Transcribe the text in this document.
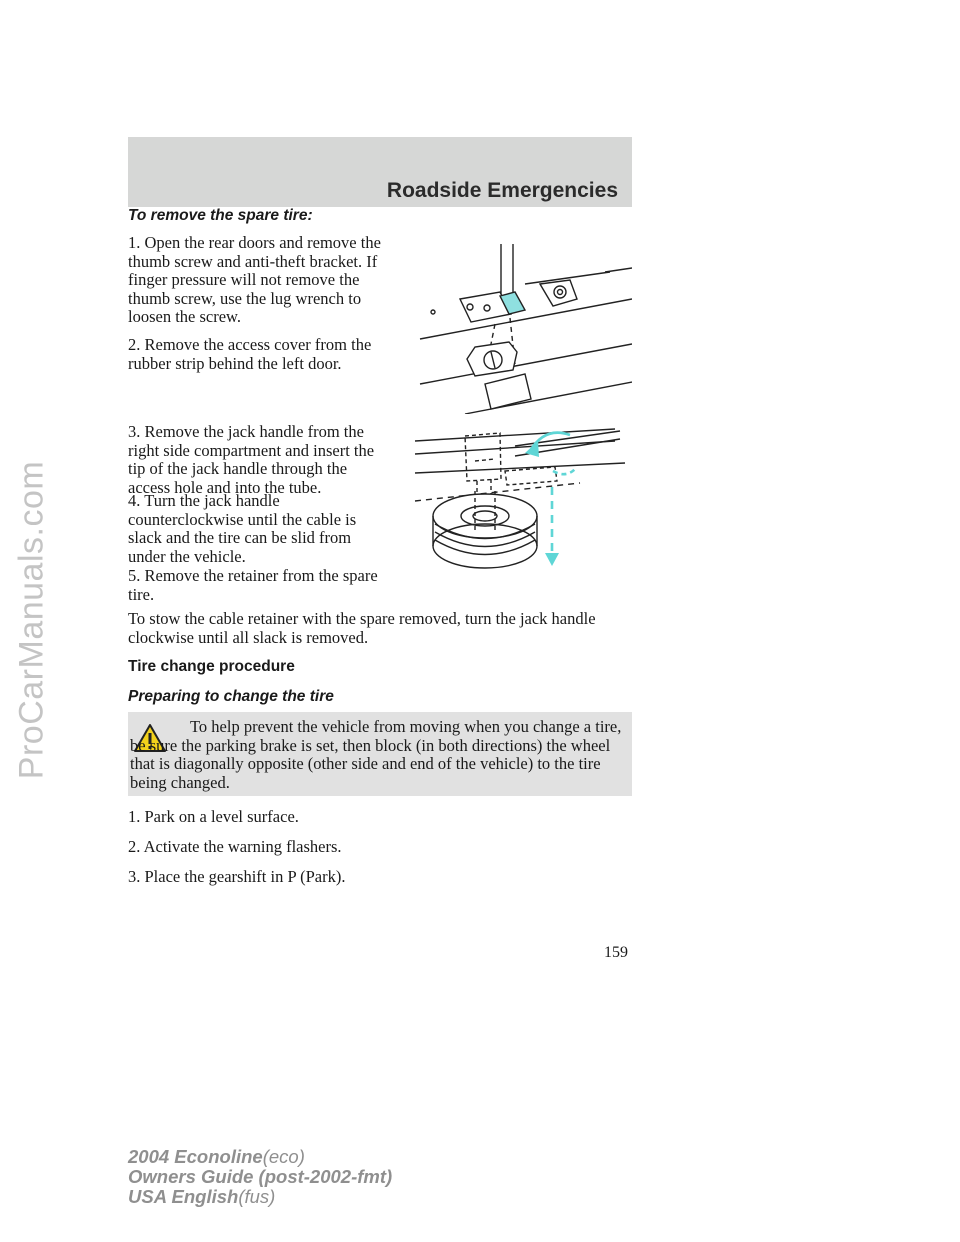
ProCarManuals.com
Roadside Emergencies
To remove the spare tire:

1. Open the rear doors and remove the thumb screw and anti-theft bracket. If finger pressure will not remove the thumb screw, use the lug wrench to loosen the screw.

2. Remove the access cover from the rubber strip behind the left door.

3. Remove the jack handle from the right side compartment and insert the tip of the jack handle through the access hole and into the tube.

4. Turn the jack handle counterclockwise until the cable is slack and the tire can be slid from under the vehicle.

5. Remove the retainer from the spare tire.

To stow the cable retainer with the spare removed, turn the jack handle clockwise until all slack is removed.

Tire change procedure
Preparing to change the tire
To help prevent the vehicle from moving when you change a tire, be sure the parking brake is set, then block (in both directions) the wheel that is diagonally opposite (other side and end of the vehicle) to the tire being changed.

1. Park on a level surface.

2. Activate the warning flashers.

3. Place the gearshift in P (Park).

159
2004 Econoline(eco)
Owners Guide (post-2002-fmt)
USA English(fus)
